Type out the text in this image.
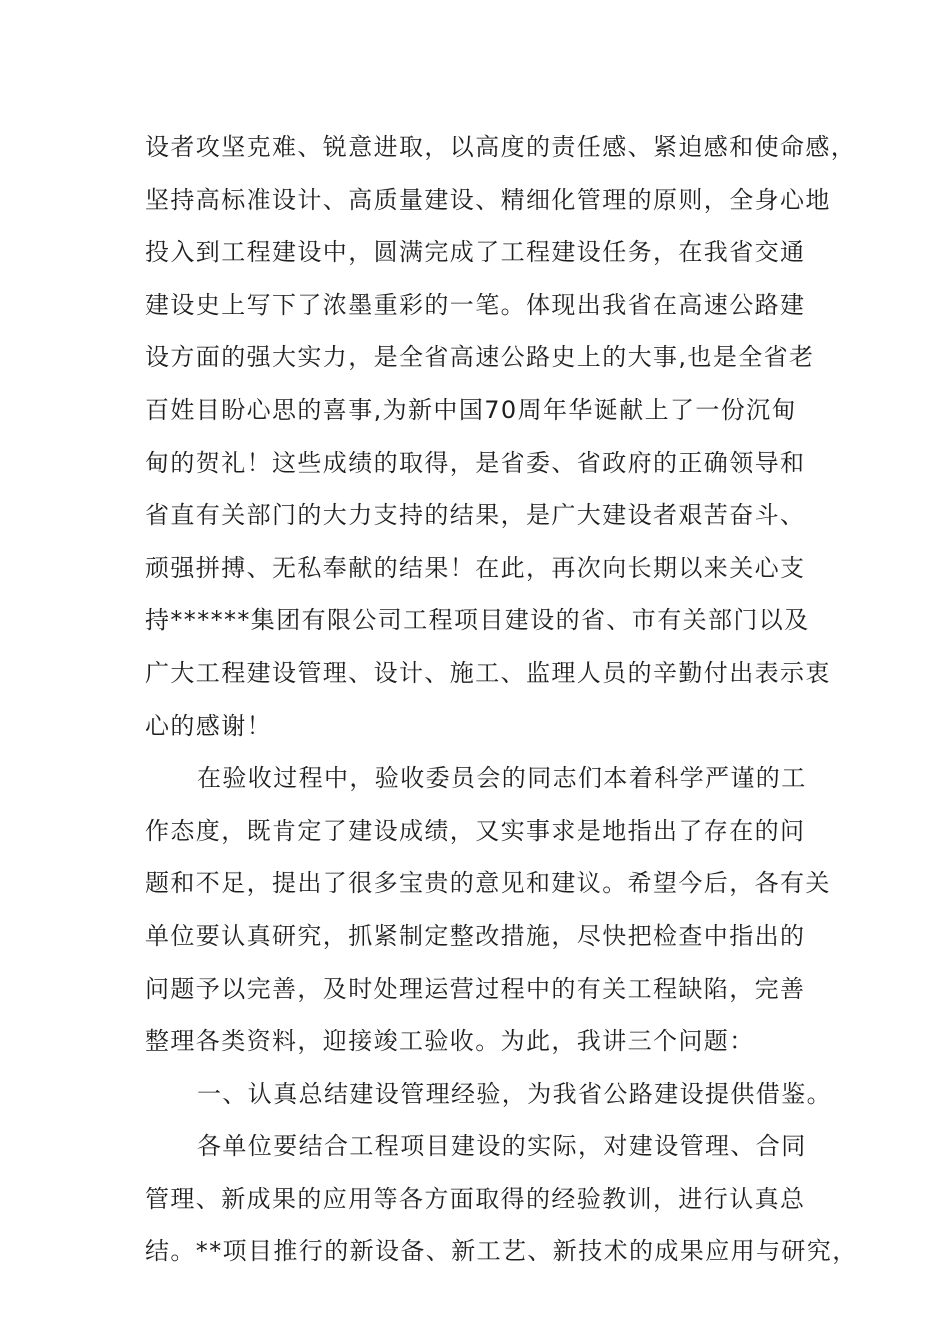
设者攻坚克难、锐意进取，以高度的责任感、紧迫感和使命感，
坚持高标准设计、高质量建设、精细化管理的原则，全身心地
投入到工程建设中，圆满完成了工程建设任务，在我省交通
建设史上写下了浓墨重彩的一笔。体现出我省在高速公路建
设方面的强大实力，是全省高速公路史上的大事,也是全省老
百姓目盼心思的喜事,为新中国70周年华诞献上了一份沉甸
甸的贺礼！这些成绩的取得，是省委、省政府的正确领导和
省直有关部门的大力支持的结果，是广大建设者艰苦奋斗、
顽强拼搏、无私奉献的结果！在此，再次向长期以来关心支
持******集团有限公司工程项目建设的省、市有关部门以及
广大工程建设管理、设计、施工、监理人员的辛勤付出表示衷
心的感谢！
在验收过程中，验收委员会的同志们本着科学严谨的工
作态度，既肯定了建设成绩，又实事求是地指出了存在的问
题和不足，提出了很多宝贵的意见和建议。希望今后，各有关
单位要认真研究，抓紧制定整改措施，尽快把检查中指出的
问题予以完善，及时处理运营过程中的有关工程缺陷，完善
整理各类资料，迎接竣工验收。为此，我讲三个问题：
一、认真总结建设管理经验，为我省公路建设提供借鉴。
各单位要结合工程项目建设的实际，对建设管理、合同
管理、新成果的应用等各方面取得的经验教训，进行认真总
结。**项目推行的新设备、新工艺、新技术的成果应用与研究，
